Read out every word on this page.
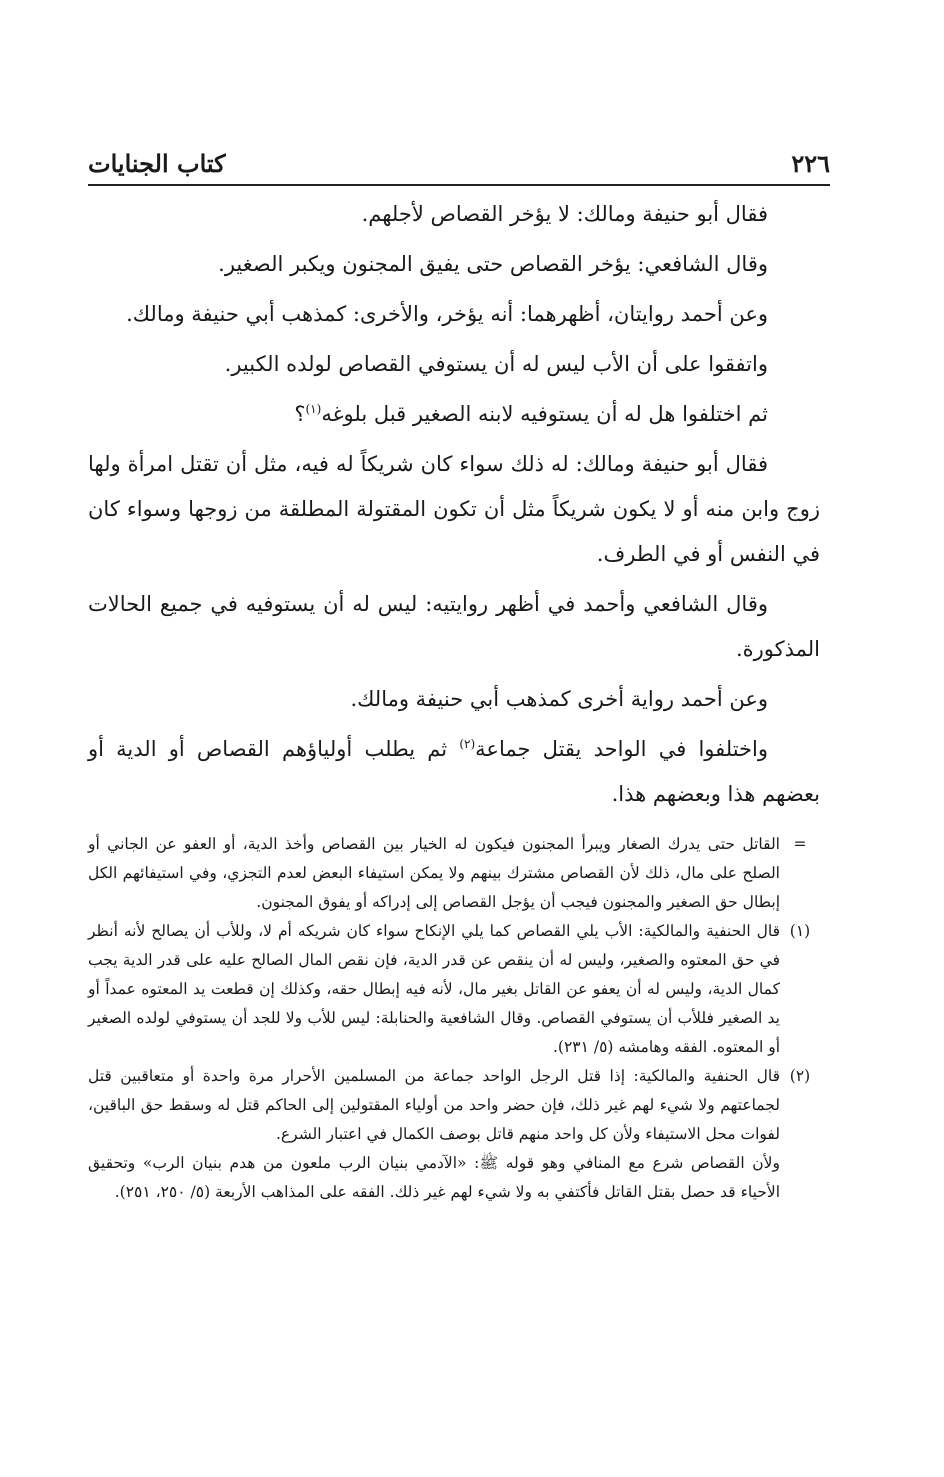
٢٢٦
كتاب الجنايات

فقال أبو حنيفة ومالك: لا يؤخر القصاص لأجلهم.

وقال الشافعي: يؤخر القصاص حتى يفيق المجنون ويكبر الصغير.

وعن أحمد روايتان، أظهرهما: أنه يؤخر، والأخرى: كمذهب أبي حنيفة ومالك.

واتفقوا على أن الأب ليس له أن يستوفي القصاص لولده الكبير.

ثم اختلفوا هل له أن يستوفيه لابنه الصغير قبل بلوغه$^{(١)}$؟

فقال أبو حنيفة ومالك: له ذلك سواء كان شريكاً له فيه، مثل أن تقتل امرأة ولها زوج وابن منه أو لا يكون شريكاً مثل أن تكون المقتولة المطلقة من زوجها وسواء كان في النفس أو في الطرف.

وقال الشافعي وأحمد في أظهر روايتيه: ليس له أن يستوفيه في جميع الحالات المذكورة.

وعن أحمد رواية أخرى كمذهب أبي حنيفة ومالك.

واختلفوا في الواحد يقتل جماعة$^{(٢)}$ ثم يطلب أولياؤهم القصاص أو الدية أو بعضهم هذا وبعضهم هذا.

=
القاتل حتى يدرك الصغار ويبرأ المجنون فيكون له الخيار بين القصاص وأخذ الدية، أو العفو عن الجاني أو الصلح على مال، ذلك لأن القصاص مشترك بينهم ولا يمكن استيفاء البعض لعدم التجزي، وفي استيفائهم الكل إبطال حق الصغير والمجنون فيجب أن يؤجل القصاص إلى إدراكه أو يفوق المجنون.
(١)
قال الحنفية والمالكية: الأب يلي القصاص كما يلي الإنكاح سواء كان شريكه أم لا، وللأب أن يصالح لأنه أنظر في حق المعتوه والصغير، وليس له أن ينقص عن قدر الدية، فإن نقص المال الصالح عليه على قدر الدية يجب كمال الدية، وليس له أن يعفو عن القاتل بغير مال، لأنه فيه إبطال حقه، وكذلك إن قطعت يد المعتوه عمداً أو يد الصغير فللأب أن يستوفي القصاص. وقال الشافعية والحنابلة: ليس للأب ولا للجد أن يستوفي لولده الصغير أو المعتوه. الفقه وهامشه (٥/ ٢٣١).
(٢)
قال الحنفية والمالكية: إذا قتل الرجل الواحد جماعة من المسلمين الأحرار مرة واحدة أو متعاقبين قتل لجماعتهم ولا شيء لهم غير ذلك، فإن حضر واحد من أولياء المقتولين إلى الحاكم قتل له وسقط حق الباقين، لفوات محل الاستيفاء ولأن كل واحد منهم قاتل بوصف الكمال في اعتبار الشرع.

ولأن القصاص شرع مع المنافي وهو قوله ﷺ: «الآدمي بنيان الرب ملعون من هدم بنيان الرب» وتحقيق الأحياء قد حصل بقتل القاتل فأكتفي به ولا شيء لهم غير ذلك. الفقه على المذاهب الأربعة (٥/ ٢٥٠، ٢٥١).
